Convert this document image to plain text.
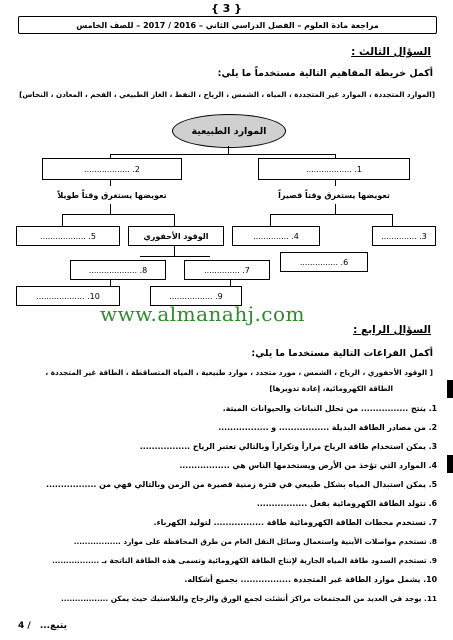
{ 3 }
مراجعة مادة العلوم – الفصل الدراسي الثاني – 2016 / 2017 – للصف الخامس
السؤال الثالث :
أكمل خريطة المفاهيم التالية مستخدماً ما يلي:
[الموارد المتجددة ، الموارد غير المتجددة ، المياه ، الشمس ، الرياح ، النفط ، الغاز الطبيعي ، الفحم ، المعادن ، النحاس]
الموارد الطبيعية
1. ..................
2. ..................
تعويضها يستغرق وقتاً قصيراً
تعويضها يستغرق وقتاً طويلاً
3. ..............
4. ..............
الوقود الأحفوري
5. ..................
6. ...............
7. ..............
8. ...................
9. .................
10. ...................
www.almanahj.com
السؤال الرابع :
أكمل الفراغات التالية مستخدما ما يلي:
[ الوقود الأحفوري ، الرياح ، الشمس ، مورد متجدد ، موارد طبيعية ، المياه المتساقطة ، الطاقة غير المتجددة ،
الطاقة الكهرومائية، إعادة تدويرها]
1. ينتج ................ من تحلل النباتات والحيوانات الميتة.
2. من مصادر الطاقة البديلة ................. و .................
3. يمكن استخدام طاقة الرياح مراراً وتكراراً وبالتالي تعتبر الرياح .................
4. الموارد التي تؤخذ من الأرض ويستخدمها الناس هي .................
5. يمكن استبدال المياه بشكل طبيعي في فترة زمنية قصيرة من الزمن وبالتالي فهي من .................
6. تتولد الطاقة الكهرومائية بفعل .................
7. تستخدم محطات الطاقة الكهرومائية طاقة ................. لتوليد الكهرباء.
8. تستخدم مواصلات الأبنية واستعمال وسائل النقل العام من طرق المحافظة على موارد .................
9. تستخدم السدود طاقة المياه الجارية لإنتاج الطاقة الكهرومائية وتسمى هذه الطاقة الناتجة بـ .................
10. يشمل موارد الطاقة غير المتجددة ................. بجميع أشكاله.
11. يوجد في العديد من المجتمعات مراكز أنشئت لجمع الورق والزجاج والبلاستيك حيث يمكن .................
يتبع... / 4
